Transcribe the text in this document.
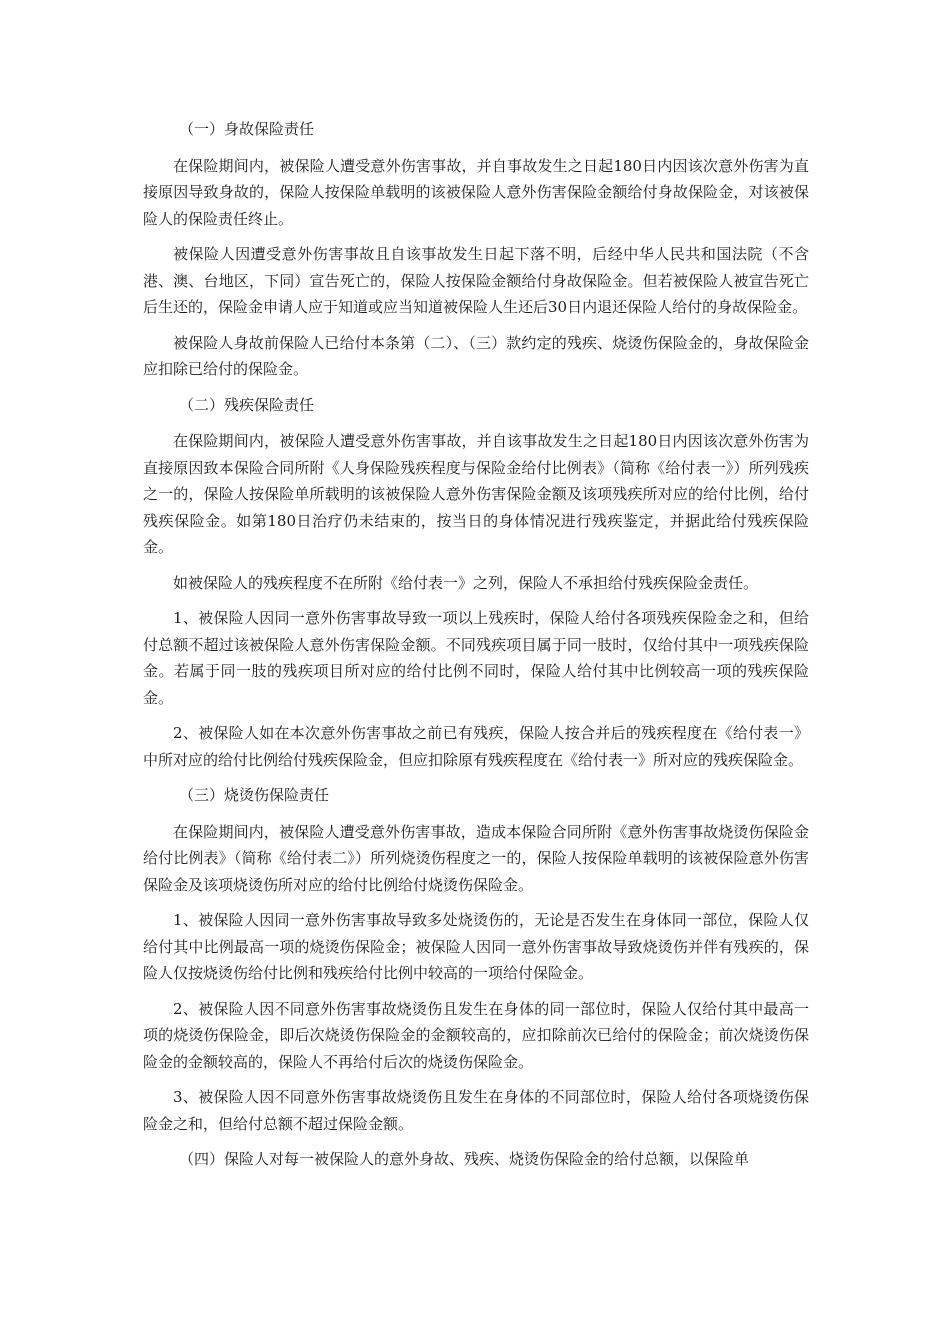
（一）身故保险责任

在保险期间内，被保险人遭受意外伤害事故，并自事故发生之日起180日内因该次意外伤害为直接原因导致身故的，保险人按保险单载明的该被保险人意外伤害保险金额给付身故保险金，对该被保险人的保险责任终止。

被保险人因遭受意外伤害事故且自该事故发生日起下落不明，后经中华人民共和国法院（不含港、澳、台地区，下同）宣告死亡的，保险人按保险金额给付身故保险金。但若被保险人被宣告死亡后生还的，保险金申请人应于知道或应当知道被保险人生还后30日内退还保险人给付的身故保险金。

被保险人身故前保险人已给付本条第（二）、（三）款约定的残疾、烧烫伤保险金的，身故保险金应扣除已给付的保险金。

（二）残疾保险责任

在保险期间内，被保险人遭受意外伤害事故，并自该事故发生之日起180日内因该次意外伤害为直接原因致本保险合同所附《人身保险残疾程度与保险金给付比例表》（简称《给付表一》）所列残疾之一的，保险人按保险单所载明的该被保险人意外伤害保险金额及该项残疾所对应的给付比例，给付残疾保险金。如第180日治疗仍未结束的，按当日的身体情况进行残疾鉴定，并据此给付残疾保险金。

如被保险人的残疾程度不在所附《给付表一》之列，保险人不承担给付残疾保险金责任。

1、被保险人因同一意外伤害事故导致一项以上残疾时，保险人给付各项残疾保险金之和，但给付总额不超过该被保险人意外伤害保险金额。不同残疾项目属于同一肢时，仅给付其中一项残疾保险金。若属于同一肢的残疾项目所对应的给付比例不同时，保险人给付其中比例较高一项的残疾保险金。

2、被保险人如在本次意外伤害事故之前已有残疾，保险人按合并后的残疾程度在《给付表一》中所对应的给付比例给付残疾保险金，但应扣除原有残疾程度在《给付表一》所对应的残疾保险金。

（三）烧烫伤保险责任

在保险期间内，被保险人遭受意外伤害事故，造成本保险合同所附《意外伤害事故烧烫伤保险金给付比例表》（简称《给付表二》）所列烧烫伤程度之一的，保险人按保险单载明的该被保险意外伤害保险金及该项烧烫伤所对应的给付比例给付烧烫伤保险金。

1、被保险人因同一意外伤害事故导致多处烧烫伤的，无论是否发生在身体同一部位，保险人仅给付其中比例最高一项的烧烫伤保险金；被保险人因同一意外伤害事故导致烧烫伤并伴有残疾的，保险人仅按烧烫伤给付比例和残疾给付比例中较高的一项给付保险金。

2、被保险人因不同意外伤害事故烧烫伤且发生在身体的同一部位时，保险人仅给付其中最高一项的烧烫伤保险金，即后次烧烫伤保险金的金额较高的，应扣除前次已给付的保险金；前次烧烫伤保险金的金额较高的，保险人不再给付后次的烧烫伤保险金。

3、被保险人因不同意外伤害事故烧烫伤且发生在身体的不同部位时，保险人给付各项烧烫伤保险金之和，但给付总额不超过保险金额。

（四）保险人对每一被保险人的意外身故、残疾、烧烫伤保险金的给付总额，以保险单
